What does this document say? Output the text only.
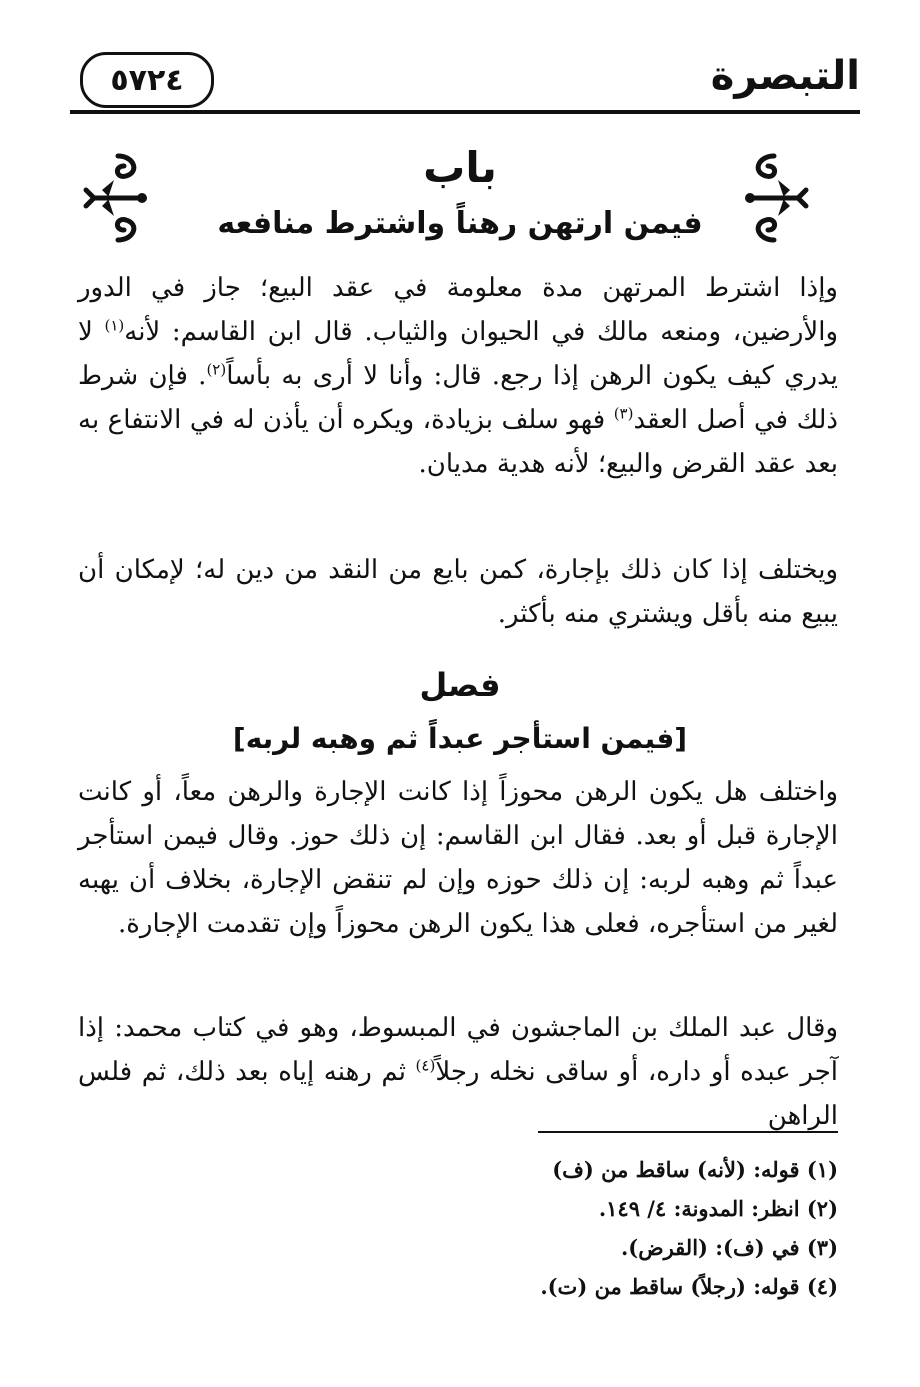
التبصرة
٥٧٢٤
باب
فيمن ارتهن رهناً واشترط منافعه

وإذا اشترط المرتهن مدة معلومة في عقد البيع؛ جاز في الدور والأرضين، ومنعه مالك في الحيوان والثياب. قال ابن القاسم: لأنه$^{(١)}$ لا يدري كيف يكون الرهن إذا رجع. قال: وأنا لا أرى به بأساً$^{(٢)}$. فإن شرط ذلك في أصل العقد$^{(٣)}$ فهو سلف بزيادة، ويكره أن يأذن له في الانتفاع به بعد عقد القرض والبيع؛ لأنه هدية مديان.

ويختلف إذا كان ذلك بإجارة، كمن بايع من النقد من دين له؛ لإمكان أن يبيع منه بأقل ويشتري منه بأكثر.

فصل
[فيمن استأجر عبداً ثم وهبه لربه]

واختلف هل يكون الرهن محوزاً إذا كانت الإجارة والرهن معاً، أو كانت الإجارة قبل أو بعد. فقال ابن القاسم: إن ذلك حوز. وقال فيمن استأجر عبداً ثم وهبه لربه: إن ذلك حوزه وإن لم تنقض الإجارة، بخلاف أن يهبه لغير من استأجره، فعلى هذا يكون الرهن محوزاً وإن تقدمت الإجارة.

وقال عبد الملك بن الماجشون في المبسوط، وهو في كتاب محمد: إذا آجر عبده أو داره، أو ساقى نخله رجلاً$^{(٤)}$ ثم رهنه إياه بعد ذلك، ثم فلس الراهن

(١) قوله: (لأنه) ساقط من (ف)
(٢) انظر: المدونة: ٤/ ١٤٩.
(٣) في (ف): (القرض).
(٤) قوله: (رجلاً) ساقط من (ت).
